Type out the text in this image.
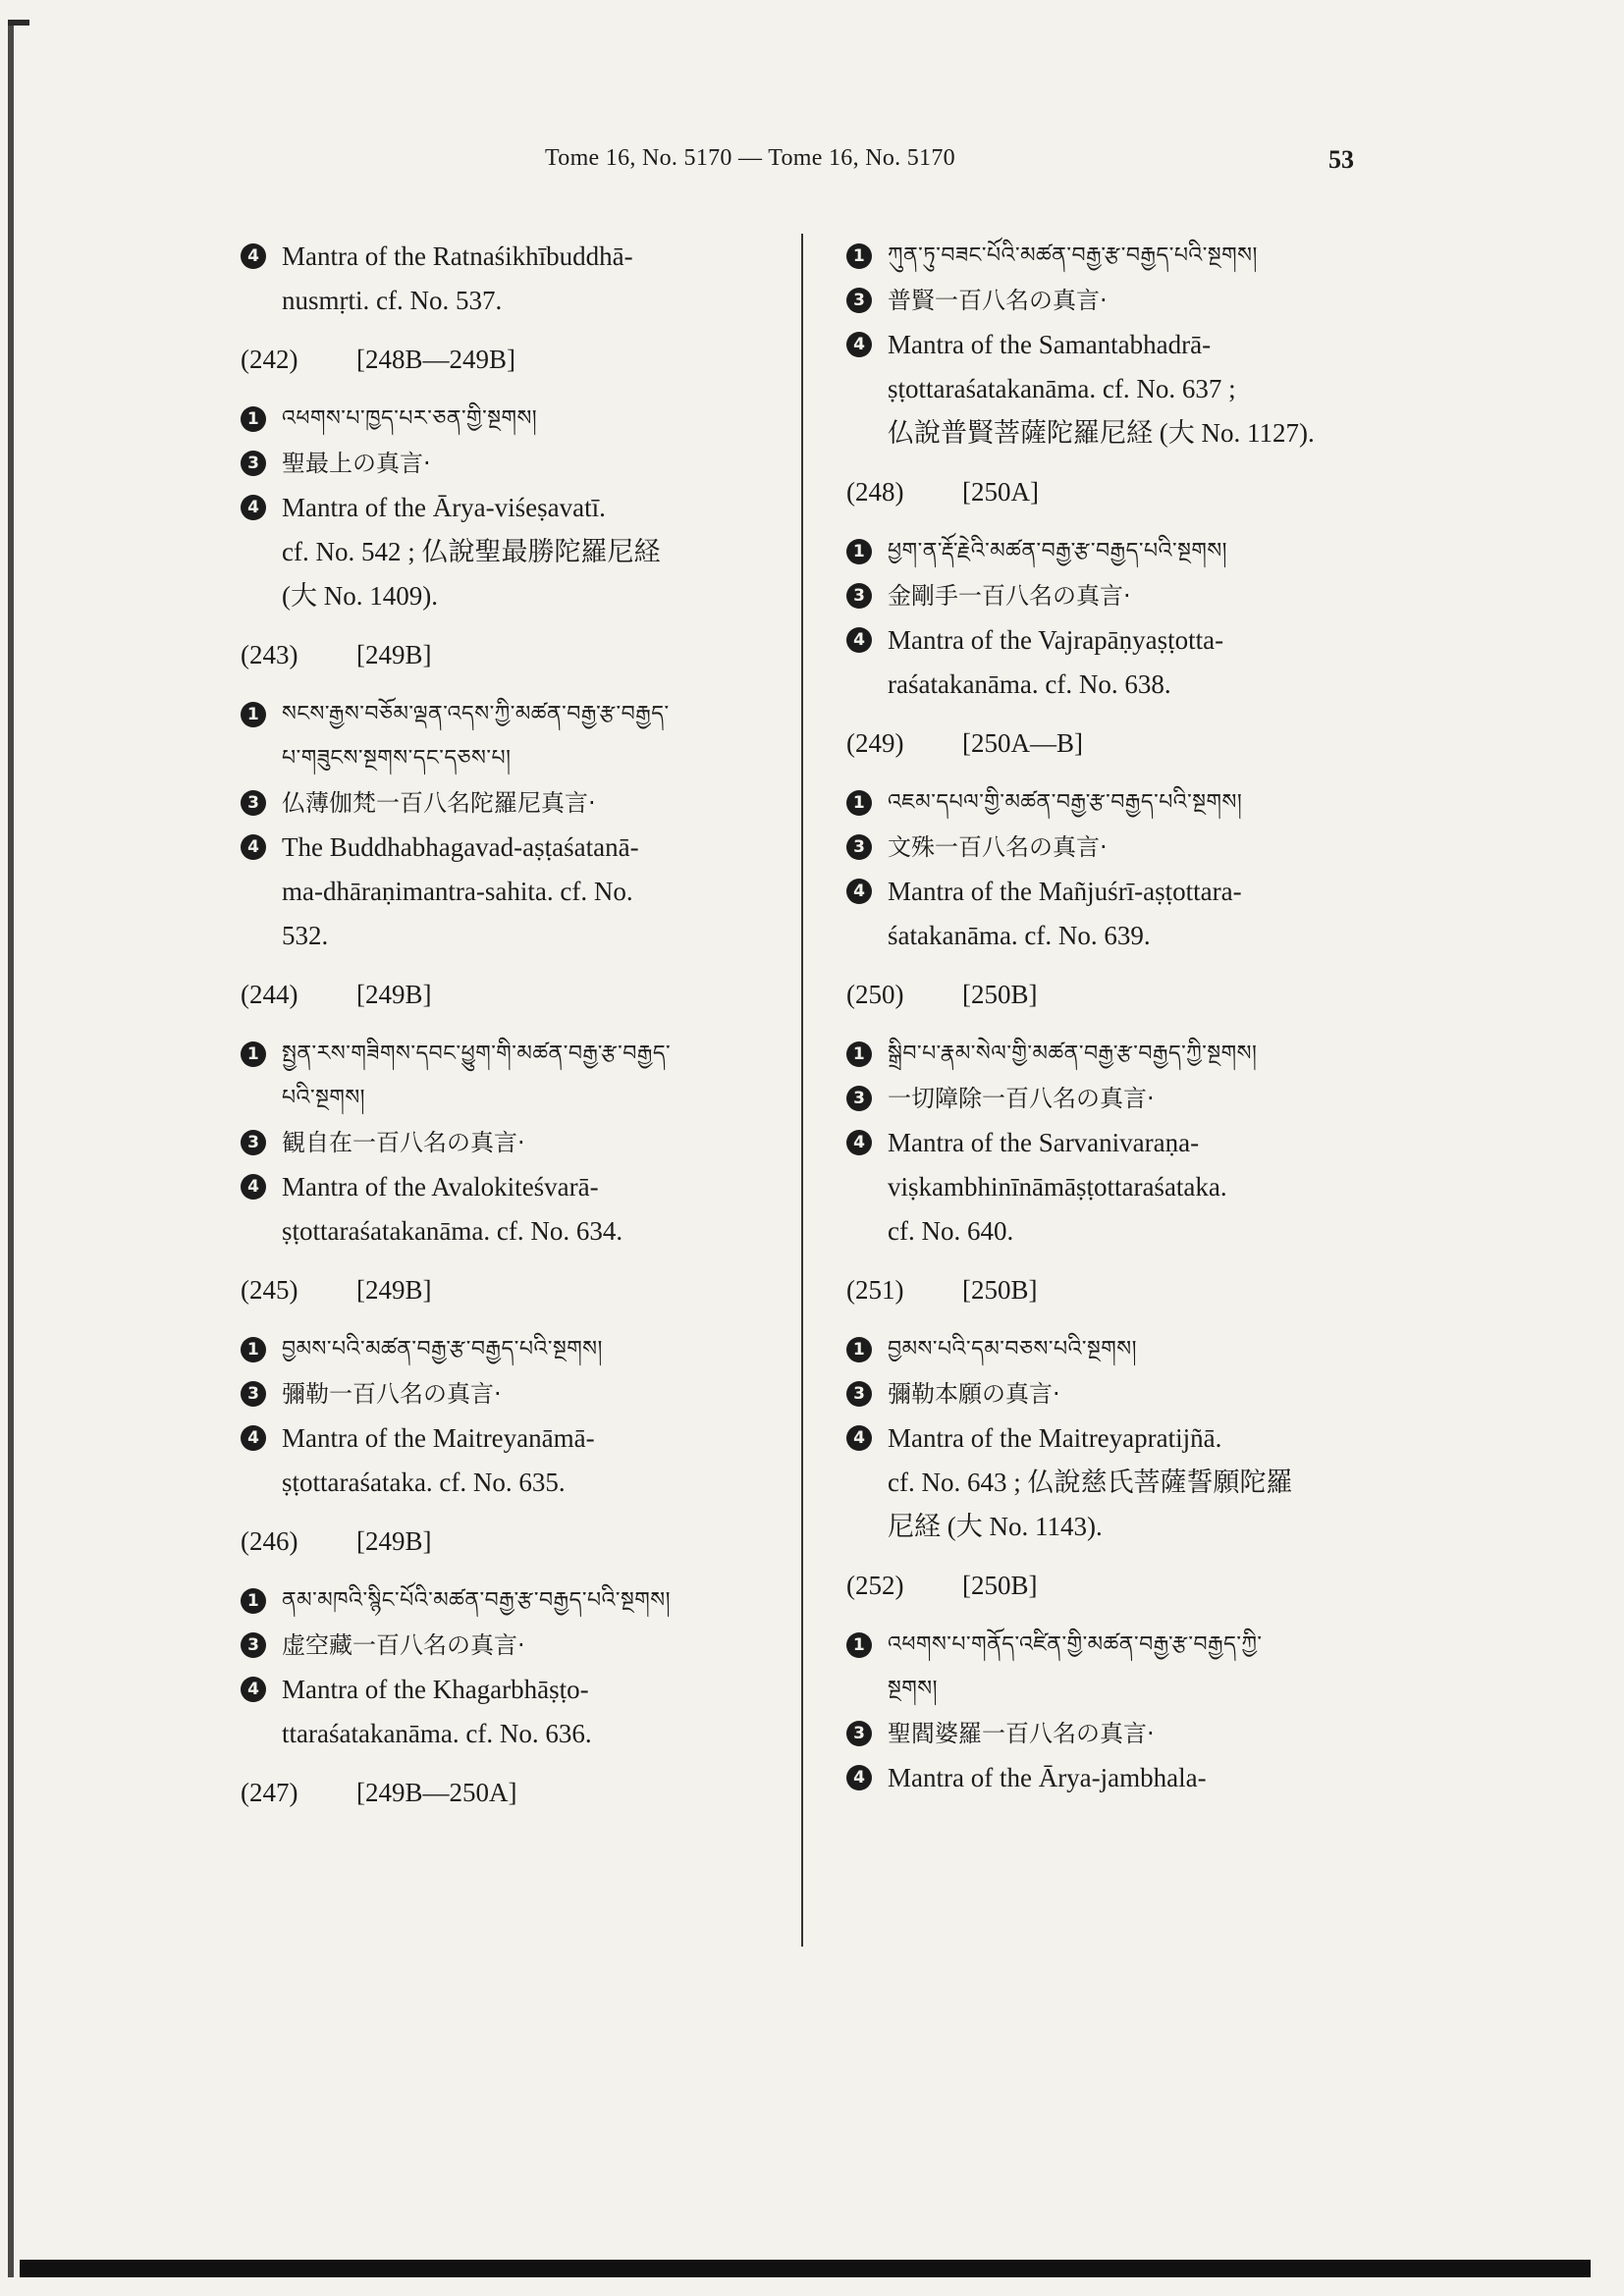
Tome 16, No. 5170 — Tome 16, No. 5170	53
4 Mantra of the Ratnaśikhībuddhā-
nusmṛti. cf. No. 537.
(242) [248B—249B]
1	འཕགས་པ་ཁྱད་པར་ཅན་གྱི་སྔགས།
3 聖最上の真言·
4 Mantra of the Ārya-viśeṣavatī.
cf. No. 542 ; 仏說聖最勝陀羅尼経
(大 No. 1409).
(243) [249B]
1	སངས་རྒྱས་བཅོམ་ལྡན་འདས་ཀྱི་མཚན་བརྒྱ་རྩ་བརྒྱད་
པ་གཟུངས་སྔགས་དང་དཅས་པ།
3 仏薄伽梵一百八名陀羅尼真言·
4 The Buddhabhagavad-aṣṭaśatanā-
ma-dhāraṇimantra-sahita. cf. No.
532.
(244) [249B]
1	སྤྱན་རས་གཟིགས་དབང་ཕྱུག་གི་མཚན་བརྒྱ་རྩ་བརྒྱད་
པའི་སྔགས།
3 観自在一百八名の真言·
4 Mantra of the Avalokiteśvarā-
ṣṭottaraśatakanāma. cf. No. 634.
(245) [249B]
1	བྱམས་པའི་མཚན་བརྒྱ་རྩ་བརྒྱད་པའི་སྔགས།
3 彌勒一百八名の真言·
4 Mantra of the Maitreyanāmā-
ṣṭottaraśataka. cf. No. 635.
(246) [249B]
1	ནམ་མཁའི་སྙིང་པོའི་མཚན་བརྒྱ་རྩ་བརྒྱད་པའི་སྔགས།
3 虚空藏一百八名の真言·
4 Mantra of the Khagarbhāṣṭo-
ttaraśatakanāma. cf. No. 636.
(247) [249B—250A]
1	ཀུན་ཏུ་བཟང་པོའི་མཚན་བརྒྱ་རྩ་བརྒྱད་པའི་སྔགས།
3 普賢一百八名の真言·
4 Mantra of the Samantabhadrā-
ṣṭottaraśatakanāma. cf. No. 637 ;
仏說普賢菩薩陀羅尼経 (大 No. 1127).
(248) [250A]
1	ཕྱག་ན་རྡོ་རྗེའི་མཚན་བརྒྱ་རྩ་བརྒྱད་པའི་སྔགས།
3 金剛手一百八名の真言·
4 Mantra of the Vajrapāṇyaṣṭotta-
raśatakanāma. cf. No. 638.
(249) [250A—B]
1	འཇམ་དཔལ་གྱི་མཚན་བརྒྱ་རྩ་བརྒྱད་པའི་སྔགས།
3 文殊一百八名の真言·
4 Mantra of the Mañjuśrī-aṣṭottara-
śatakanāma. cf. No. 639.
(250) [250B]
1	སྒྲིབ་པ་རྣམ་སེལ་གྱི་མཚན་བརྒྱ་རྩ་བརྒྱད་ཀྱི་སྔགས།
3 一切障除一百八名の真言·
4 Mantra of the Sarvanivaraṇa-
viṣkambhinīnāmāṣṭottaraśataka.
cf. No. 640.
(251) [250B]
1	བྱམས་པའི་དམ་བཅས་པའི་སྔགས།
3 彌勒本願の真言·
4 Mantra of the Maitreyapratijñā.
cf. No. 643 ; 仏說慈氏菩薩誓願陀羅
尼経 (大 No. 1143).
(252) [250B]
1	འཕགས་པ་གནོད་འཛིན་གྱི་མཚན་བརྒྱ་རྩ་བརྒྱད་ཀྱི་
སྔགས།
3 聖閻婆羅一百八名の真言·
4 Mantra of the Ārya-jambhala-
